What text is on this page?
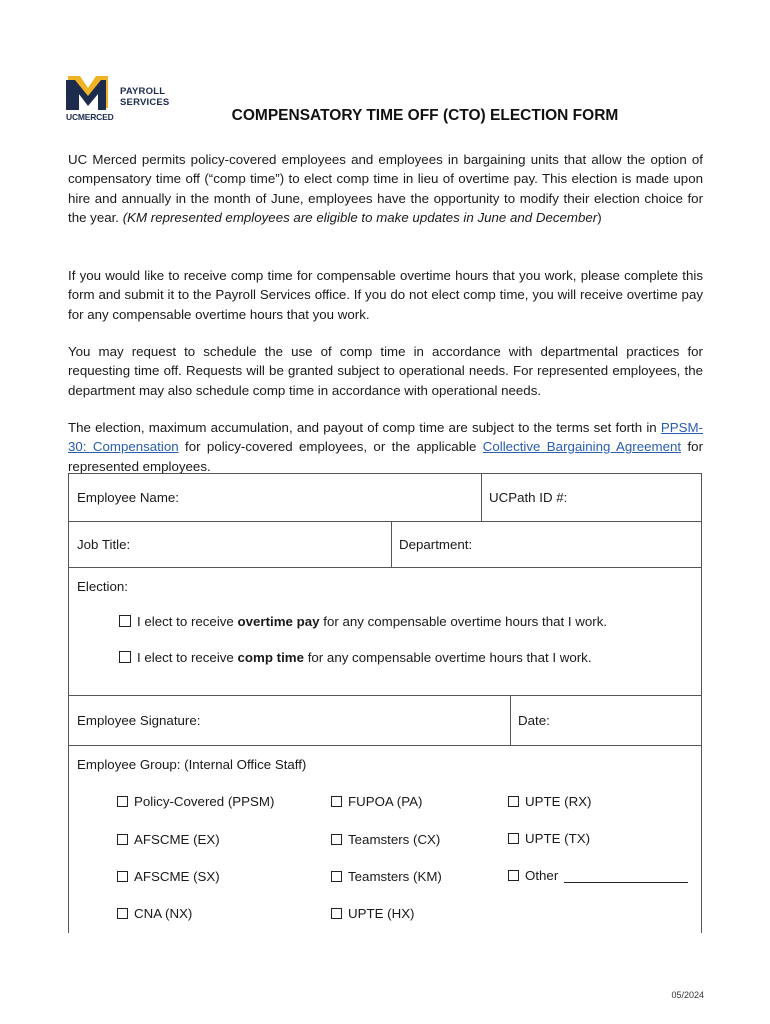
UCMERCED
PAYROLL
SERVICES
COMPENSATORY TIME OFF (CTO) ELECTION FORM

UC Merced permits policy-covered employees and employees in bargaining units that allow the option of compensatory time off (“comp time”) to elect comp time in lieu of overtime pay. This election is made upon hire and annually in the month of June, employees have the opportunity to modify their election choice for the year. (KM represented employees are eligible to make updates in June and December)

If you would like to receive comp time for compensable overtime hours that you work, please complete this form and submit it to the Payroll Services office. If you do not elect comp time, you will receive overtime pay for any compensable overtime hours that you work.

You may request to schedule the use of comp time in accordance with departmental practices for requesting time off. Requests will be granted subject to operational needs. For represented employees, the department may also schedule comp time in accordance with operational needs.

The election, maximum accumulation, and payout of comp time are subject to the terms set forth in PPSM-30: Compensation for policy-covered employees, or the applicable Collective Bargaining Agreement for represented employees.

Employee Name:	UCPath ID #:
Job Title:	Department:
Election:
I elect to receive overtime pay for any compensable overtime hours that I work.
I elect to receive comp time for any compensable overtime hours that I work.
Employee Signature:	Date:
Employee Group: (Internal Office Staff)
Policy-Covered (PPSM)	FUPOA (PA)	UPTE (RX)
AFSCME (EX)	Teamsters (CX)	UPTE (TX)
AFSCME (SX)	Teamsters (KM)	Other
CNA (NX)	UPTE (HX)
05/2024
